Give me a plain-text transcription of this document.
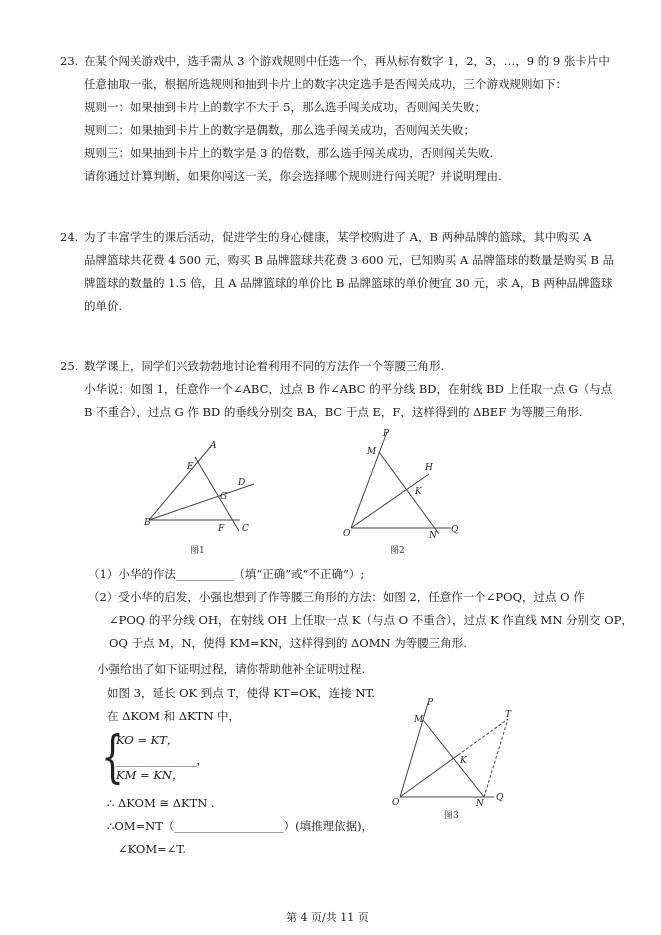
23. 在某个闯关游戏中，选手需从 3 个游戏规则中任选一个，再从标有数字 1，2，3，…，9 的 9 张卡片中
任意抽取一张，根据所选规则和抽到卡片上的数字决定选手是否闯关成功，三个游戏规则如下：
规则一：如果抽到卡片上的数字不大于 5，那么选手闯关成功，否则闯关失败；
规则二：如果抽到卡片上的数字是偶数，那么选手闯关成功，否则闯关失败；
规则三：如果抽到卡片上的数字是 3 的倍数，那么选手闯关成功，否则闯关失败.
请你通过计算判断，如果你闯这一关，你会选择哪个规则进行闯关呢？并说明理由.
24. 为了丰富学生的课后活动，促进学生的身心健康，某学校购进了 A，B 两种品牌的篮球，其中购买 A
品牌篮球共花费 4 500 元，购买 B 品牌篮球共花费 3 600 元，已知购买 A 品牌篮球的数量是购买 B 品
牌篮球的数量的 1.5 倍，且 A 品牌篮球的单价比 B 品牌篮球的单价便宜 30 元，求 A，B 两种品牌篮球
的单价.
25. 数学课上，同学们兴致勃勃地讨论着利用不同的方法作一个等腰三角形.
小华说：如图 1，任意作一个∠ABC，过点 B 作∠ABC 的平分线 BD，在射线 BD 上任取一点 G（与点
B 不重合），过点 G 作 BD 的垂线分别交 BA，BC 于点 E，F，这样得到的 ΔBEF 为等腰三角形.
A
E
D
G
B
F C
图1
P
M
H
K
O	N
Q
图2
（1）小华的作法__________（填“正确”或“不正确”）;
（2）受小华的启发，小强也想到了作等腰三角形的方法：如图 2，任意作一个∠POQ，过点 O 作
∠POQ 的平分线 OH，在射线 OH 上任取一点 K（与点 O 不重合），过点 K 作直线 MN 分别交 OP，
OQ 于点 M，N，使得 KM=KN，这样得到的 ΔOMN 为等腰三角形.
小强给出了如下证明过程，请你帮助他补全证明过程.
如图 3，延长 OK 到点 T，使得 KT=OK，连接 NT.
在 ΔKOM 和 ΔKTN 中，
{
KO = KT，
______________，
KM = KN，
∴ ΔKOM ≅ ΔKTN .
∴OM=NT（___________________）(填推理依据)，
∠KOM=∠T.
P
M	T
K
O	N
Q
图3
第 4 页/共 11 页
